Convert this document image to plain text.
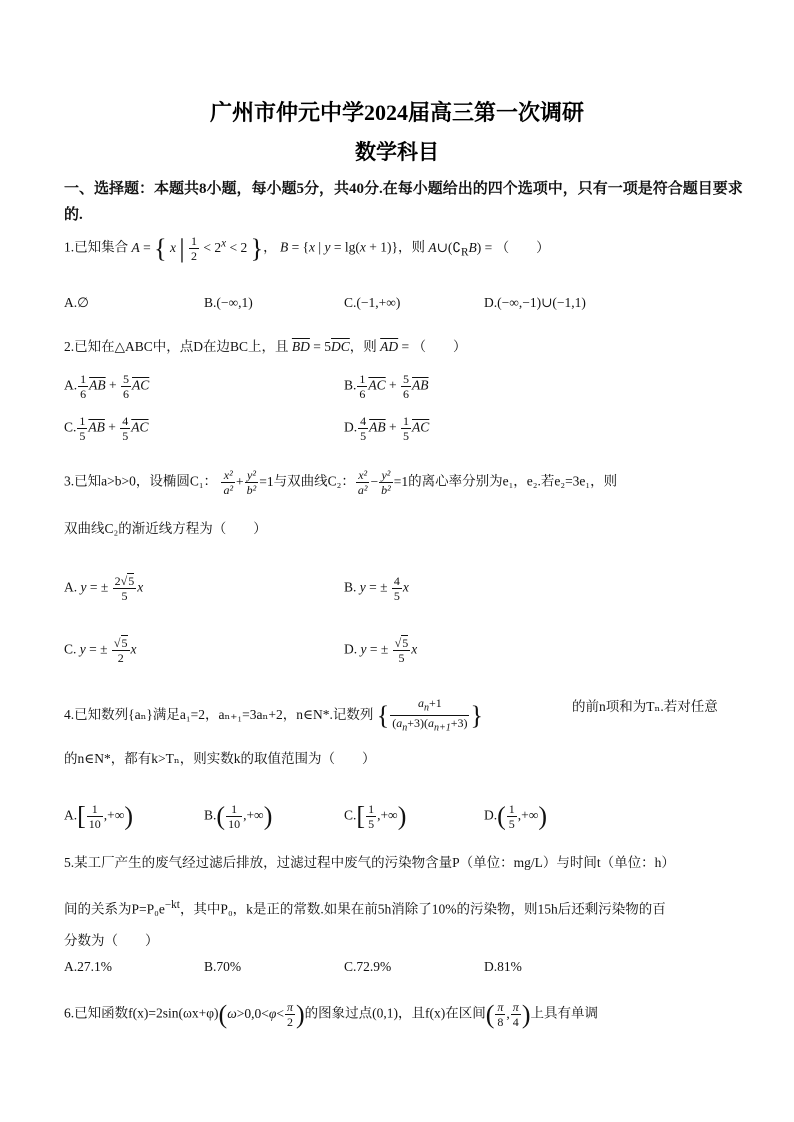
广州市仲元中学2024届高三第一次调研
数学科目
一、选择题：本题共8小题，每小题5分，共40分.在每小题给出的四个选项中，只有一项是符合题目要求的.
1.已知集合 A = { x | $\frac{1}{2} < 2^x < 2$ }， B = {x | y = lg(x + 1)}，则 $A\cup(∁_RB)$ = （　　）
A.∅	B.(−∞,1)	C.(−1,+∞)	D.(−∞,−1)∪(−1,1)
2.已知在△ABC中，点D在边BC上，且 $\overline{BD} = 5\overline{DC}$，则 $\overline{AD}$ = （　　）
A. $\frac{1}{6} \overline{AB} + \frac{5}{6} \overline{AC}$	B. $\frac{1}{6} \overline{AC} + \frac{5}{6} \overline{AB}$
C. $\frac{1}{5} \overline{AB} + \frac{4}{5} \overline{AC}$	D. $\frac{4}{5} \overline{AB} + \frac{1}{5} \overline{AC}$
3.已知a>b>0，设椭圆C₁： $\frac{\text{x²}}{\text{a²}} + \frac{\text{y²}}{\text{b²}} =1$与双曲线C₂： $\frac{\text{x²}}{\text{a²}} - \frac{\text{y²}}{\text{b²}} =1$的离心率分别为e₁，e₂.若e₂=3e₁，则
双曲线C₂的渐近线方程为（　　）
A. y = ± $\frac{2√5}{5}$ x	B. y = ± $\frac{4}{5}$ x
C. y = ± $\frac{√5}{2}$ x	D. y = ± $\frac{√5}{5}$ x
4.已知数列{aₙ}满足a₁=2，aₙ₊₁=3aₙ+2，n∈N*.记数列 { $\frac{a_n+1}{(a_n+3)(a_{n+1}+3)}$ }	的前n项和为Tₙ.若对任意
的n∈N*，都有k>Tₙ，则实数k的取值范围为（　　）
$A.[ \frac{1}{10}$ ,+∞)	$B.( \frac{1}{10}$ ,+∞)	$C.[ \frac{1}{5}$ ,+∞)	$D.( \frac{1}{5}$ ,+∞)
5.某工厂产生的废气经过滤后排放，过滤过程中废气的污染物含量P（单位：mg/L）与时间t（单位：h）
间的关系为$P=P_0e^{-kt}$，其中P₀，k是正的常数.如果在前5h消除了10%的污染物，则15h后还剩污染物的百
分数为（　　）
A.27.1%	B.70%	C.72.9%	D.81%
6.已知函数$f(x)=2\sin(\omega x+\varphi)(\omega>0,0<\varphi< \frac{\pi}{2}$ )的图象过点(0,1)，且f(x)在区间( $\frac{\pi}{8}$ , $\frac{\pi}{4}$ )上具有单调
